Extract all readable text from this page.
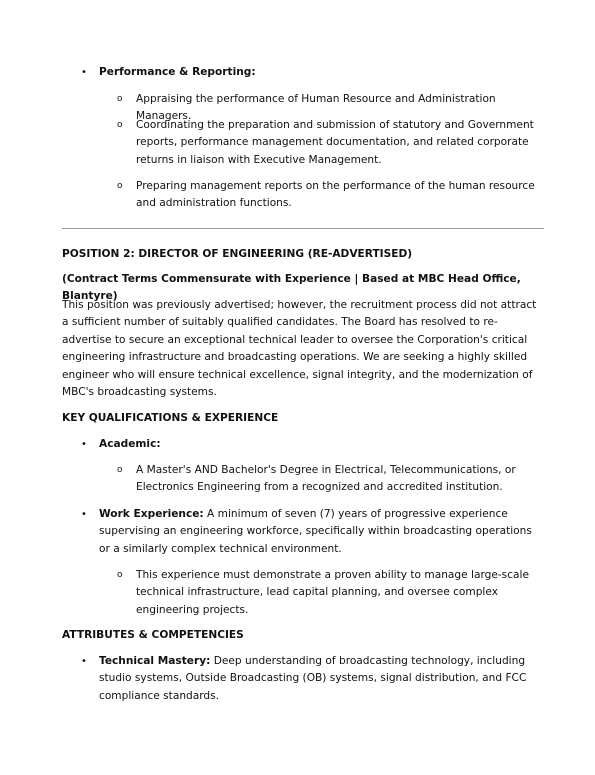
• Performance & Reporting:
o Appraising the performance of Human Resource and Administration Managers.
o Coordinating the preparation and submission of statutory and Government reports, performance management documentation, and related corporate returns in liaison with Executive Management.
o Preparing management reports on the performance of the human resource and administration functions.
POSITION 2: DIRECTOR OF ENGINEERING (RE-ADVERTISED)
(Contract Terms Commensurate with Experience | Based at MBC Head Office, Blantyre)
This position was previously advertised; however, the recruitment process did not attract a sufficient number of suitably qualified candidates. The Board has resolved to re-advertise to secure an exceptional technical leader to oversee the Corporation's critical engineering infrastructure and broadcasting operations. We are seeking a highly skilled engineer who will ensure technical excellence, signal integrity, and the modernization of MBC's broadcasting systems.
KEY QUALIFICATIONS & EXPERIENCE
• Academic:
o A Master's AND Bachelor's Degree in Electrical, Telecommunications, or Electronics Engineering from a recognized and accredited institution.
• Work Experience: A minimum of seven (7) years of progressive experience supervising an engineering workforce, specifically within broadcasting operations or a similarly complex technical environment.
o This experience must demonstrate a proven ability to manage large-scale technical infrastructure, lead capital planning, and oversee complex engineering projects.
ATTRIBUTES & COMPETENCIES
• Technical Mastery: Deep understanding of broadcasting technology, including studio systems, Outside Broadcasting (OB) systems, signal distribution, and FCC compliance standards.
